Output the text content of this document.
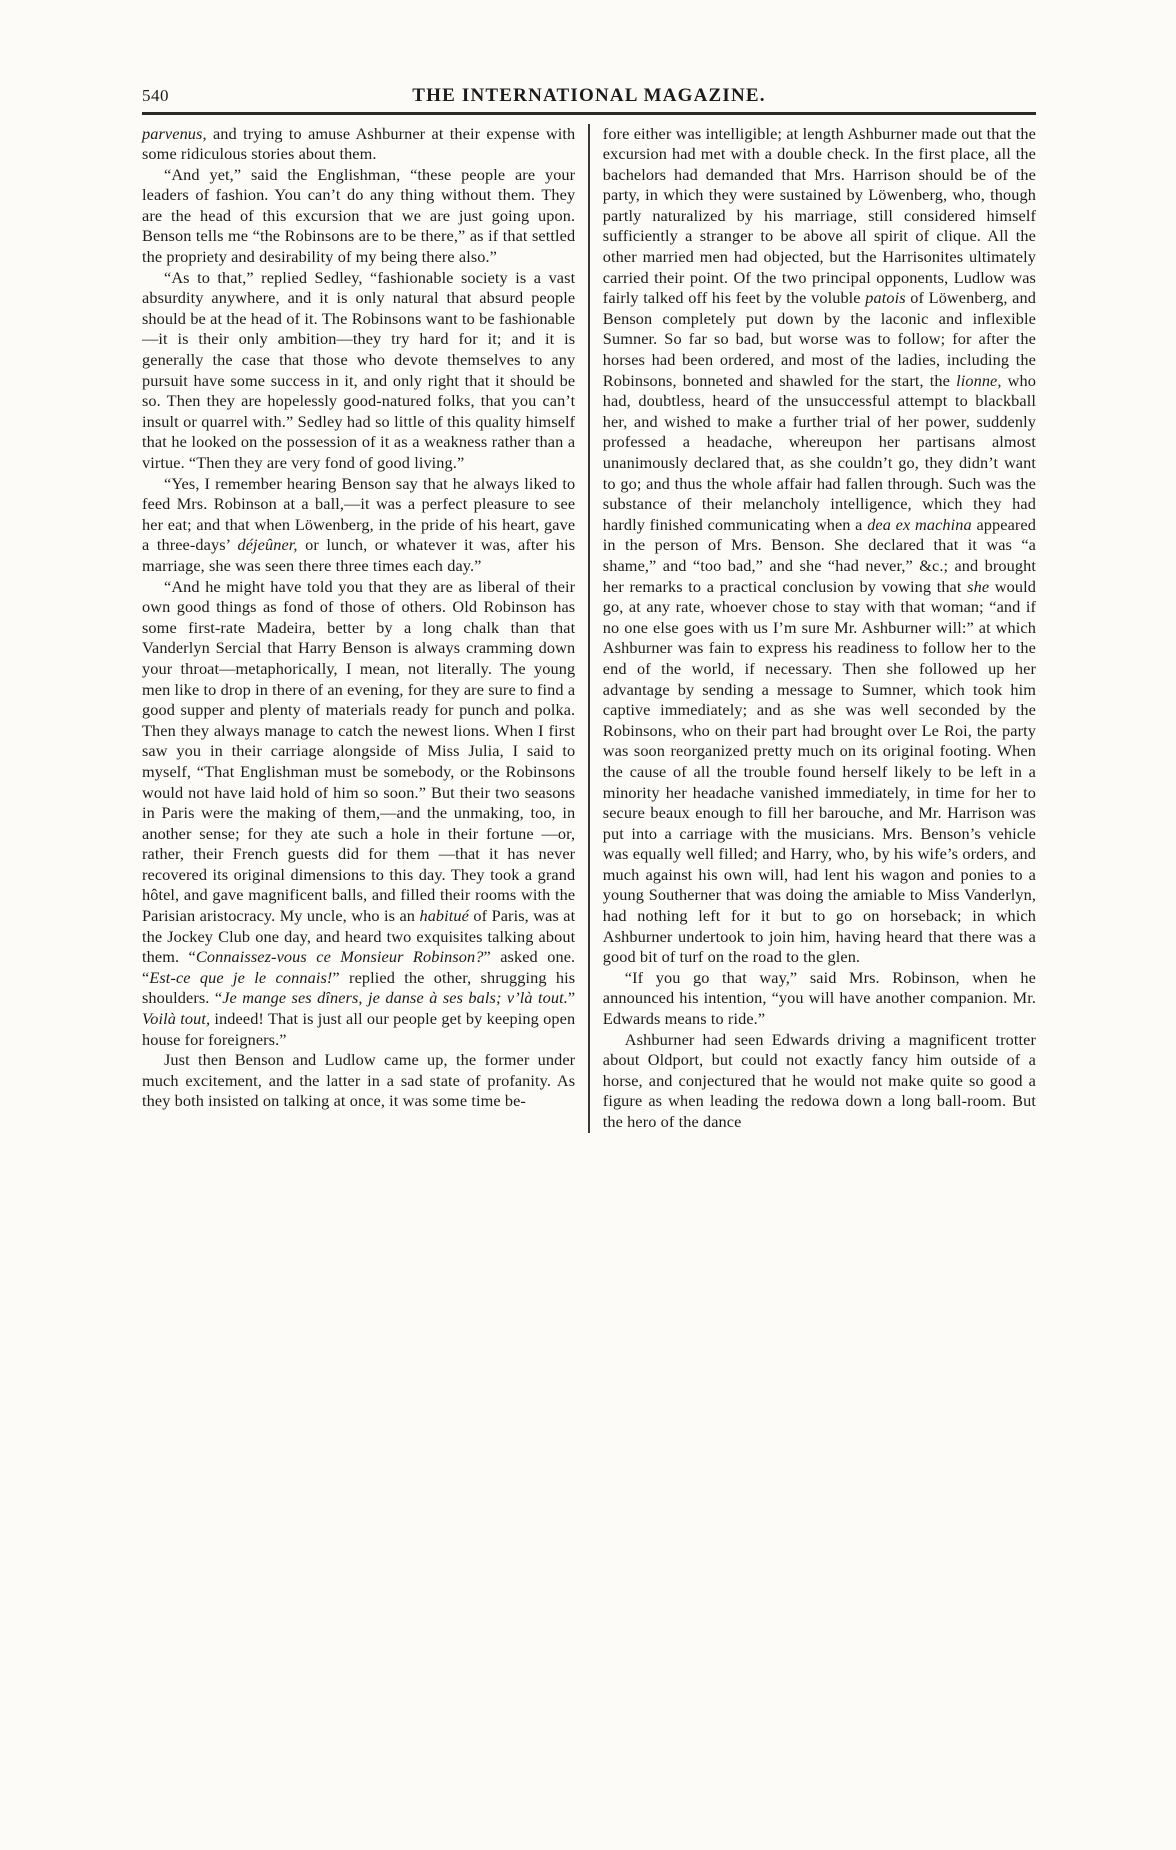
540	THE INTERNATIONAL MAGAZINE.

parvenus, and trying to amuse Ashburner at their expense with some ridiculous stories about them.

“And yet,” said the Englishman, “these people are your leaders of fashion. You can’t do any thing without them. They are the head of this excursion that we are just going upon. Benson tells me “the Robinsons are to be there,” as if that settled the propriety and desirability of my being there also.”

“As to that,” replied Sedley, “fashionable society is a vast absurdity anywhere, and it is only natural that absurd people should be at the head of it. The Robinsons want to be fashionable—it is their only ambition—they try hard for it; and it is generally the case that those who devote themselves to any pursuit have some success in it, and only right that it should be so. Then they are hopelessly good-natured folks, that you can’t insult or quarrel with.” Sedley had so little of this quality himself that he looked on the possession of it as a weakness rather than a virtue. “Then they are very fond of good living.”

“Yes, I remember hearing Benson say that he always liked to feed Mrs. Robinson at a ball,—it was a perfect pleasure to see her eat; and that when Löwenberg, in the pride of his heart, gave a three-days’ déjeûner, or lunch, or whatever it was, after his marriage, she was seen there three times each day.”

“And he might have told you that they are as liberal of their own good things as fond of those of others. Old Robinson has some first-rate Madeira, better by a long chalk than that Vanderlyn Sercial that Harry Benson is always cramming down your throat—metaphorically, I mean, not literally. The young men like to drop in there of an evening, for they are sure to find a good supper and plenty of materials ready for punch and polka. Then they always manage to catch the newest lions. When I first saw you in their carriage alongside of Miss Julia, I said to myself, “That Englishman must be somebody, or the Robinsons would not have laid hold of him so soon.” But their two seasons in Paris were the making of them,—and the unmaking, too, in another sense; for they ate such a hole in their fortune —or, rather, their French guests did for them —that it has never recovered its original dimensions to this day. They took a grand hôtel, and gave magnificent balls, and filled their rooms with the Parisian aristocracy. My uncle, who is an habitué of Paris, was at the Jockey Club one day, and heard two exquisites talking about them. “Connaissez-vous ce Monsieur Robinson?” asked one. “Est-ce que je le connais!” replied the other, shrugging his shoulders. “Je mange ses dîners, je danse à ses bals; v’là tout.” Voilà tout, indeed! That is just all our people get by keeping open house for foreigners.”

Just then Benson and Ludlow came up, the former under much excitement, and the latter in a sad state of profanity. As they both insisted on talking at once, it was some time be-

fore either was intelligible; at length Ashburner made out that the excursion had met with a double check. In the first place, all the bachelors had demanded that Mrs. Harrison should be of the party, in which they were sustained by Löwenberg, who, though partly naturalized by his marriage, still considered himself sufficiently a stranger to be above all spirit of clique. All the other married men had objected, but the Harrisonites ultimately carried their point. Of the two principal opponents, Ludlow was fairly talked off his feet by the voluble patois of Löwenberg, and Benson completely put down by the laconic and inflexible Sumner. So far so bad, but worse was to follow; for after the horses had been ordered, and most of the ladies, including the Robinsons, bonneted and shawled for the start, the lionne, who had, doubtless, heard of the unsuccessful attempt to blackball her, and wished to make a further trial of her power, suddenly professed a headache, whereupon her partisans almost unanimously declared that, as she couldn’t go, they didn’t want to go; and thus the whole affair had fallen through. Such was the substance of their melancholy intelligence, which they had hardly finished communicating when a dea ex machina appeared in the person of Mrs. Benson. She declared that it was “a shame,” and “too bad,” and she “had never,” &c.; and brought her remarks to a practical conclusion by vowing that she would go, at any rate, whoever chose to stay with that woman; “and if no one else goes with us I’m sure Mr. Ashburner will:” at which Ashburner was fain to express his readiness to follow her to the end of the world, if necessary. Then she followed up her advantage by sending a message to Sumner, which took him captive immediately; and as she was well seconded by the Robinsons, who on their part had brought over Le Roi, the party was soon reorganized pretty much on its original footing. When the cause of all the trouble found herself likely to be left in a minority her headache vanished immediately, in time for her to secure beaux enough to fill her barouche, and Mr. Harrison was put into a carriage with the musicians. Mrs. Benson’s vehicle was equally well filled; and Harry, who, by his wife’s orders, and much against his own will, had lent his wagon and ponies to a young Southerner that was doing the amiable to Miss Vanderlyn, had nothing left for it but to go on horseback; in which Ashburner undertook to join him, having heard that there was a good bit of turf on the road to the glen.

“If you go that way,” said Mrs. Robinson, when he announced his intention, “you will have another companion. Mr. Edwards means to ride.”

Ashburner had seen Edwards driving a magnificent trotter about Oldport, but could not exactly fancy him outside of a horse, and conjectured that he would not make quite so good a figure as when leading the redowa down a long ball-room. But the hero of the dance
